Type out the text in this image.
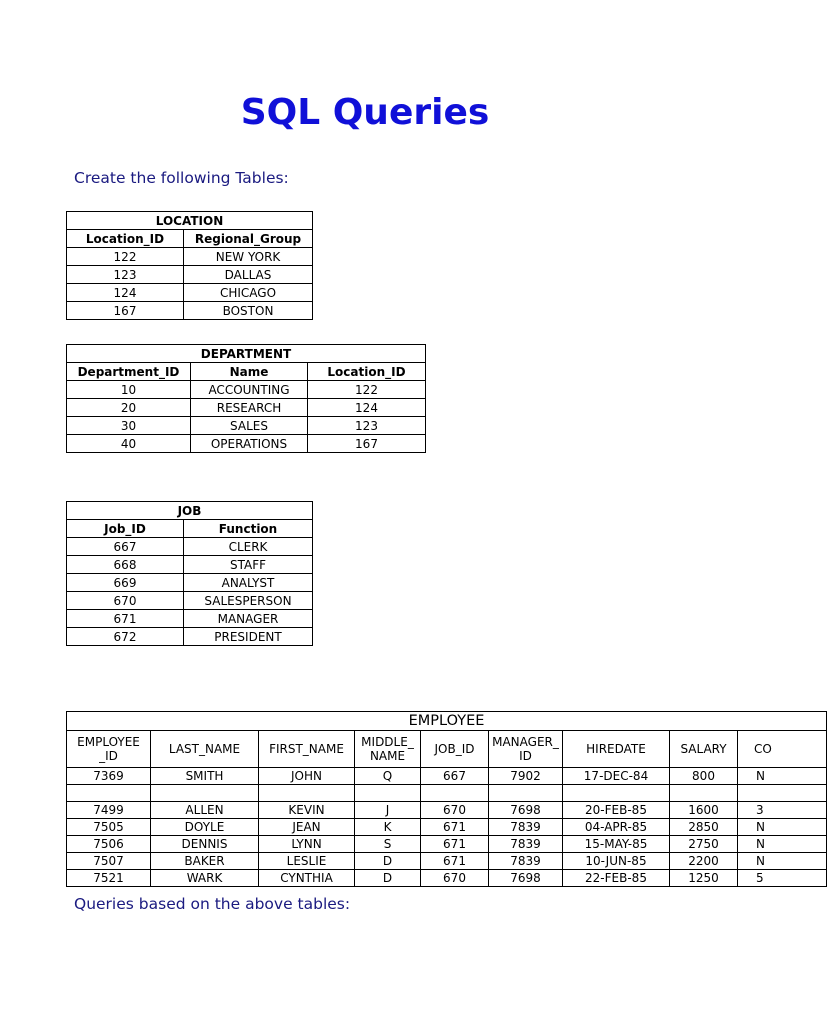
SQL Queries

Create the following Tables:

LOCATION	
Location_ID	Regional_Group
122	NEW YORK
123	DALLAS
124	CHICAGO
167	BOSTON
DEPARTMENT		
Department_ID	Name	Location_ID
10	ACCOUNTING	122
20	RESEARCH	124
30	SALES	123
40	OPERATIONS	167
JOB	
Job_ID	Function
667	CLERK
668	STAFF
669	ANALYST
670	SALESPERSON
671	MANAGER
672	PRESIDENT
EMPLOYEE								
EMPLOYEE _ID	LAST_NAME	FIRST_NAME	MIDDLE_ NAME	JOB_ID	MANAGER_ ID	HIREDATE	SALARY	CO
7369	SMITH	JOHN	Q	667	7902	17-DEC-84	800	N

7499	ALLEN	KEVIN	J	670	7698	20-FEB-85	1600	3
7505	DOYLE	JEAN	K	671	7839	04-APR-85	2850	N
7506	DENNIS	LYNN	S	671	7839	15-MAY-85	2750	N
7507	BAKER	LESLIE	D	671	7839	10-JUN-85	2200	N
7521	WARK	CYNTHIA	D	670	7698	22-FEB-85	1250	5

Queries based on the above tables:
